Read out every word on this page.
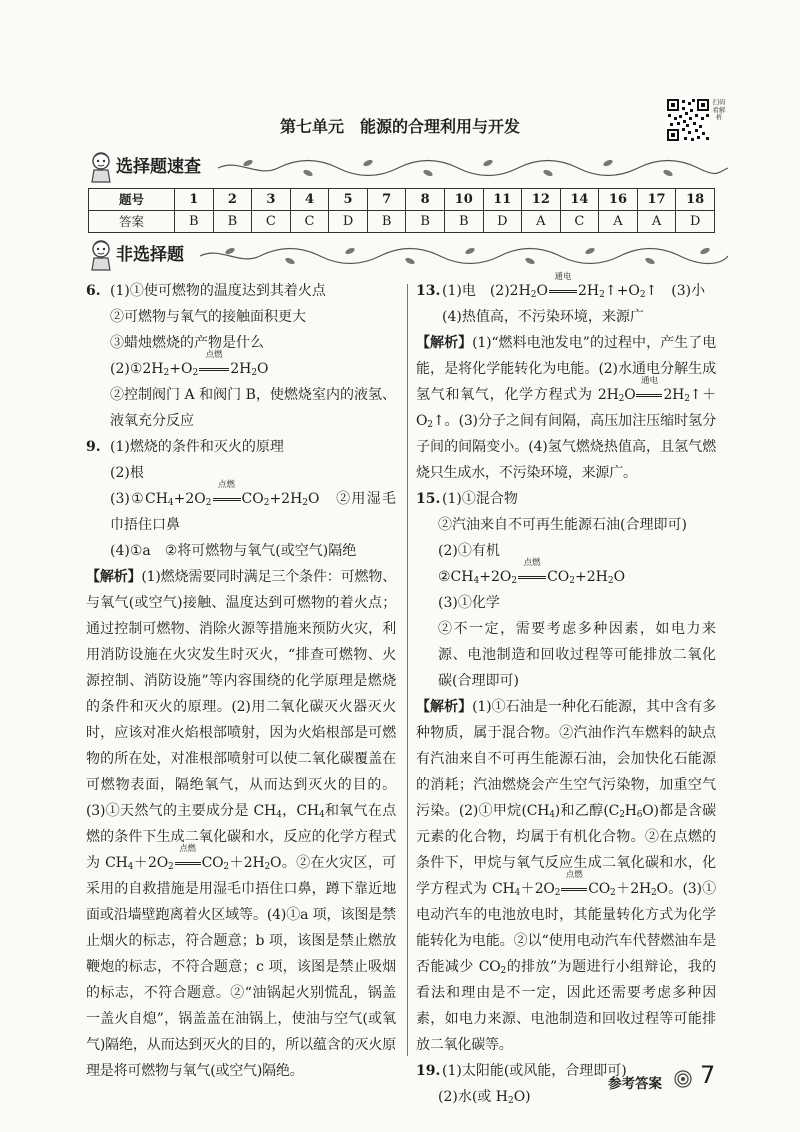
第七单元　能源的合理利用与开发
扫码看解析
选择题速查
题号	1	2	3	4	5	7	8	10	11	12	14	16	17	18
答案	B	B	C	C	D	B	B	B	D	A	C	A	A	D
非选择题
6. (1)①使可燃物的温度达到其着火点
②可燃物与氧气的接触面积更大
③蜡烛燃烧的产物是什么
$(2)①2H_2+O_2$
点燃
$2H_2O$
②控制阀门 A 和阀门 B，使燃烧室内的液氢、液氧充分反应
9. (1)燃烧的条件和灭火的原理
(2)根
$(3)①CH_4+2O_2$
点燃
$CO_2+2H_2O$　②用湿毛巾捂住口鼻
(4)①a　②将可燃物与氧气(或空气)隔绝
【解析】(1)燃烧需要同时满足三个条件：可燃物、与氧气(或空气)接触、温度达到可燃物的着火点；通过控制可燃物、消除火源等措施来预防火灾，利用消防设施在火灾发生时灭火，“排查可燃物、火源控制、消防设施”等内容围绕的化学原理是燃烧的条件和灭火的原理。(2)用二氧化碳灭火器灭火时，应该对准火焰根部喷射，因为火焰根部是可燃物的所在处，对准根部喷射可以使二氧化碳覆盖在可燃物表面，隔绝氧气，从而达到灭火的目的。(3)①天然气的主要成分是 $CH_4$，$CH_4$和氧气在点燃的条件下生成二氧化碳和水，反应的化学方程式为 $CH_4+2O_2$
点燃
$CO_2+2H_2O$。②在火灾区，可采用的自救措施是用湿毛巾捂住口鼻，蹲下靠近地面或沿墙壁跑离着火区域等。(4)①a 项，该图是禁止烟火的标志，符合题意；b 项，该图是禁止燃放鞭炮的标志，不符合题意；c 项，该图是禁止吸烟的标志，不符合题意。②“油锅起火别慌乱，锅盖一盖火自熄”，锅盖盖在油锅上，使油与空气(或氧气)隔绝，从而达到灭火的目的，所以蕴含的灭火原理是将可燃物与氧气(或空气)隔绝。
13. (1)电　$(2)2H_2O$
通电
$2H_2↑+O_2↑$　(3)小
(4)热值高，不污染环境，来源广
【解析】(1)“燃料电池发电”的过程中，产生了电能，是将化学能转化为电能。(2)水通电分解生成氢气和氧气，化学方程式为 $2H_2O$
通电
$2H_2↑+O_2↑$。(3)分子之间有间隔，高压加注压缩时氢分子间的间隔变小。(4)氢气燃烧热值高，且氢气燃烧只生成水，不污染环境，来源广。
15. (1)①混合物
②汽油来自不可再生能源石油(合理即可)
(2)①有机
$②CH_4+2O_2$
点燃
$CO_2+2H_2O$
(3)①化学
②不一定，需要考虑多种因素，如电力来源、电池制造和回收过程等可能排放二氧化碳(合理即可)
【解析】(1)①石油是一种化石能源，其中含有多种物质，属于混合物。②汽油作汽车燃料的缺点有汽油来自不可再生能源石油，会加快化石能源的消耗；汽油燃烧会产生空气污染物，加重空气污染。(2)①甲烷$(CH_4)$和乙醇$(C_2H_6O)$都是含碳元素的化合物，均属于有机化合物。②在点燃的条件下，甲烷与氧气反应生成二氧化碳和水，化学方程式为 $CH_4+2O_2$
点燃
$CO_2+2H_2O$。(3)①电动汽车的电池放电时，其能量转化方式为化学能转化为电能。②以“使用电动汽车代替燃油车是否能减少 $CO_2$的排放”为题进行小组辩论，我的看法和理由是不一定，因此还需要考虑多种因素，如电力来源、电池制造和回收过程等可能排放二氧化碳等。
19. (1)太阳能(或风能，合理即可)
(2)水(或 $H_2O$)
参考答案 7
